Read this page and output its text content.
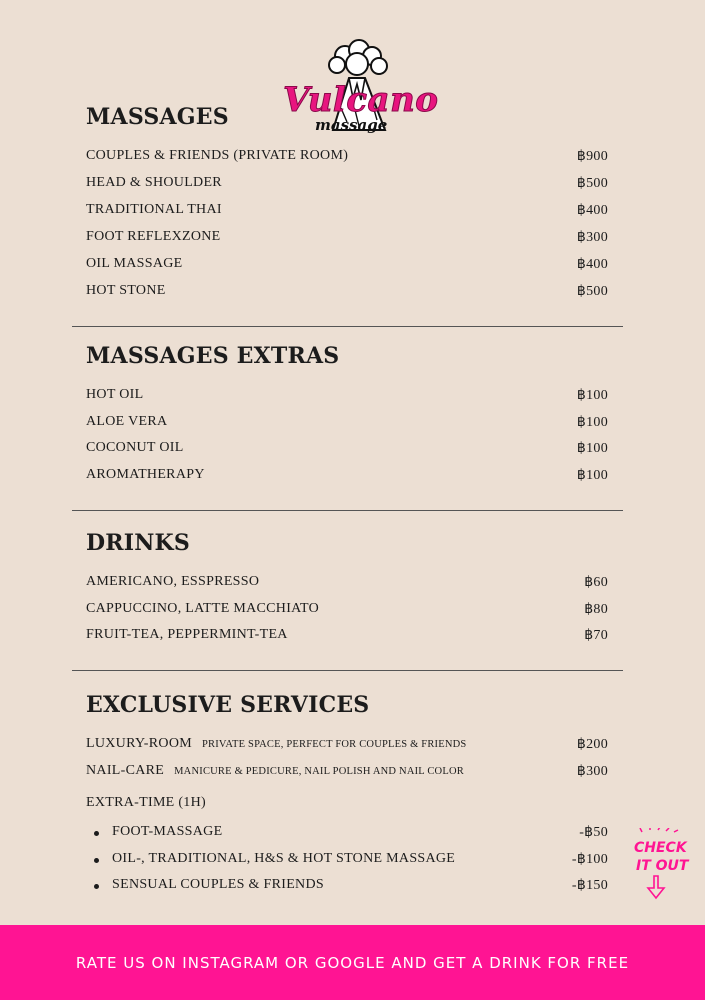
Vulcano
massage
MASSAGES
COUPLES & FRIENDS (PRIVATE ROOM)	฿900
HEAD & SHOULDER	฿500
TRADITIONAL THAI	฿400
FOOT REFLEXZONE	฿300
OIL MASSAGE	฿400
HOT STONE	฿500
MASSAGES EXTRAS
HOT OIL	฿100
ALOE VERA	฿100
COCONUT OIL	฿100
AROMATHERAPY	฿100
DRINKS
AMERICANO, ESSPRESSO	฿60
CAPPUCCINO, LATTE MACCHIATO	฿80
FRUIT-TEA, PEPPERMINT-TEA	฿70
EXCLUSIVE SERVICES
LUXURY-ROOM PRIVATE SPACE, PERFECT FOR COUPLES & FRIENDS	฿200
NAIL-CARE MANICURE & PEDICURE, NAIL POLISH AND NAIL COLOR	฿300
EXTRA-TIME (1H)
FOOT-MASSAGE	-฿50
OIL-, TRADITIONAL, H&S & HOT STONE MASSAGE	-฿100
SENSUAL COUPLES & FRIENDS	-฿150
CHECK
IT OUT
RATE US ON INSTAGRAM OR GOOGLE AND GET A DRINK FOR FREE
